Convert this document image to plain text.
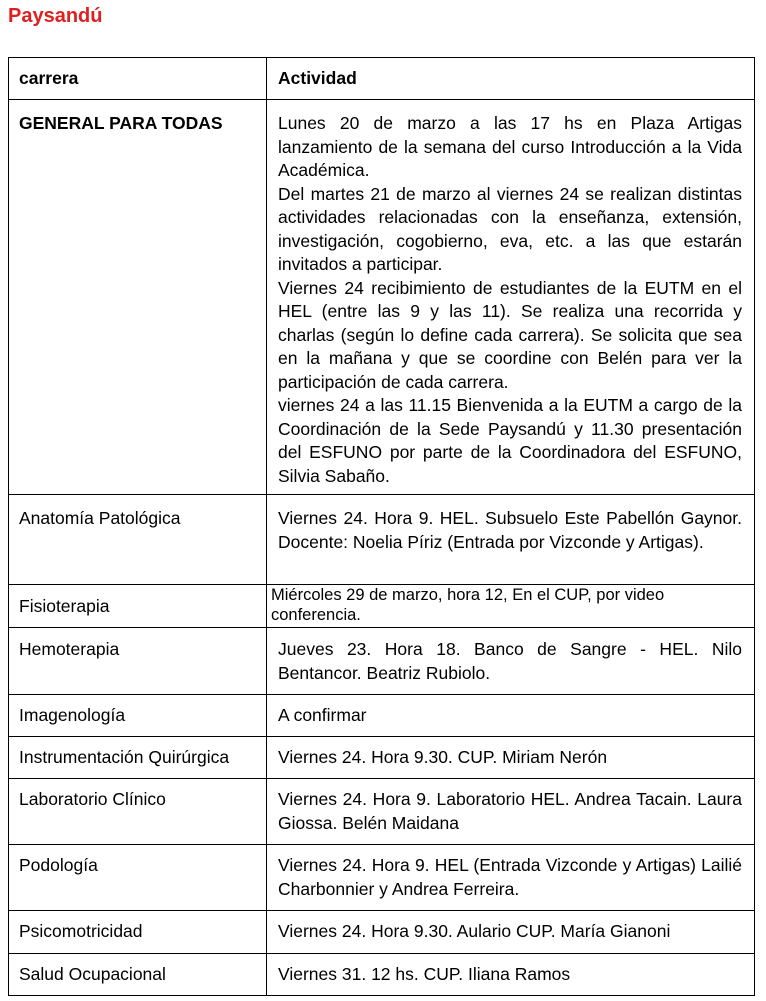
Paysandú
carrera	Actividad
GENERAL PARA TODAS	Lunes 20 de marzo a las 17 hs en Plaza Artigas lanzamiento de la semana del curso Introducción a la Vida Académica.
Del martes 21 de marzo al viernes 24 se realizan distintas actividades relacionadas con la enseñanza, extensión, investigación, cogobierno, eva, etc. a las que estarán invitados a participar.
Viernes 24 recibimiento de estudiantes de la EUTM en el HEL (entre las 9 y las 11). Se realiza una recorrida y charlas (según lo define cada carrera). Se solicita que sea en la mañana y que se coordine con Belén para ver la participación de cada carrera.
viernes 24 a las 11.15 Bienvenida a la EUTM a cargo de la Coordinación de la Sede Paysandú y 11.30 presentación del ESFUNO por parte de la Coordinadora del ESFUNO, Silvia Sabaño.

Anatomía Patológica	Viernes 24. Hora 9. HEL. Subsuelo Este Pabellón Gaynor. Docente: Noelia Píriz (Entrada por Vizconde y Artigas).
Fisioterapia	Miércoles 29 de marzo, hora 12, En el CUP, por video conferencia.
Hemoterapia	Jueves 23. Hora 18. Banco de Sangre - HEL. Nilo Bentancor. Beatriz Rubiolo.
Imagenología	A confirmar
Instrumentación Quirúrgica	Viernes 24. Hora 9.30. CUP. Miriam Nerón
Laboratorio Clínico	Viernes 24. Hora 9. Laboratorio HEL. Andrea Tacain. Laura Giossa. Belén Maidana
Podología	Viernes 24. Hora 9. HEL (Entrada Vizconde y Artigas) Lailié Charbonnier y Andrea Ferreira.
Psicomotricidad	Viernes 24. Hora 9.30. Aulario CUP. María Gianoni
Salud Ocupacional	Viernes 31. 12 hs. CUP. Iliana Ramos
